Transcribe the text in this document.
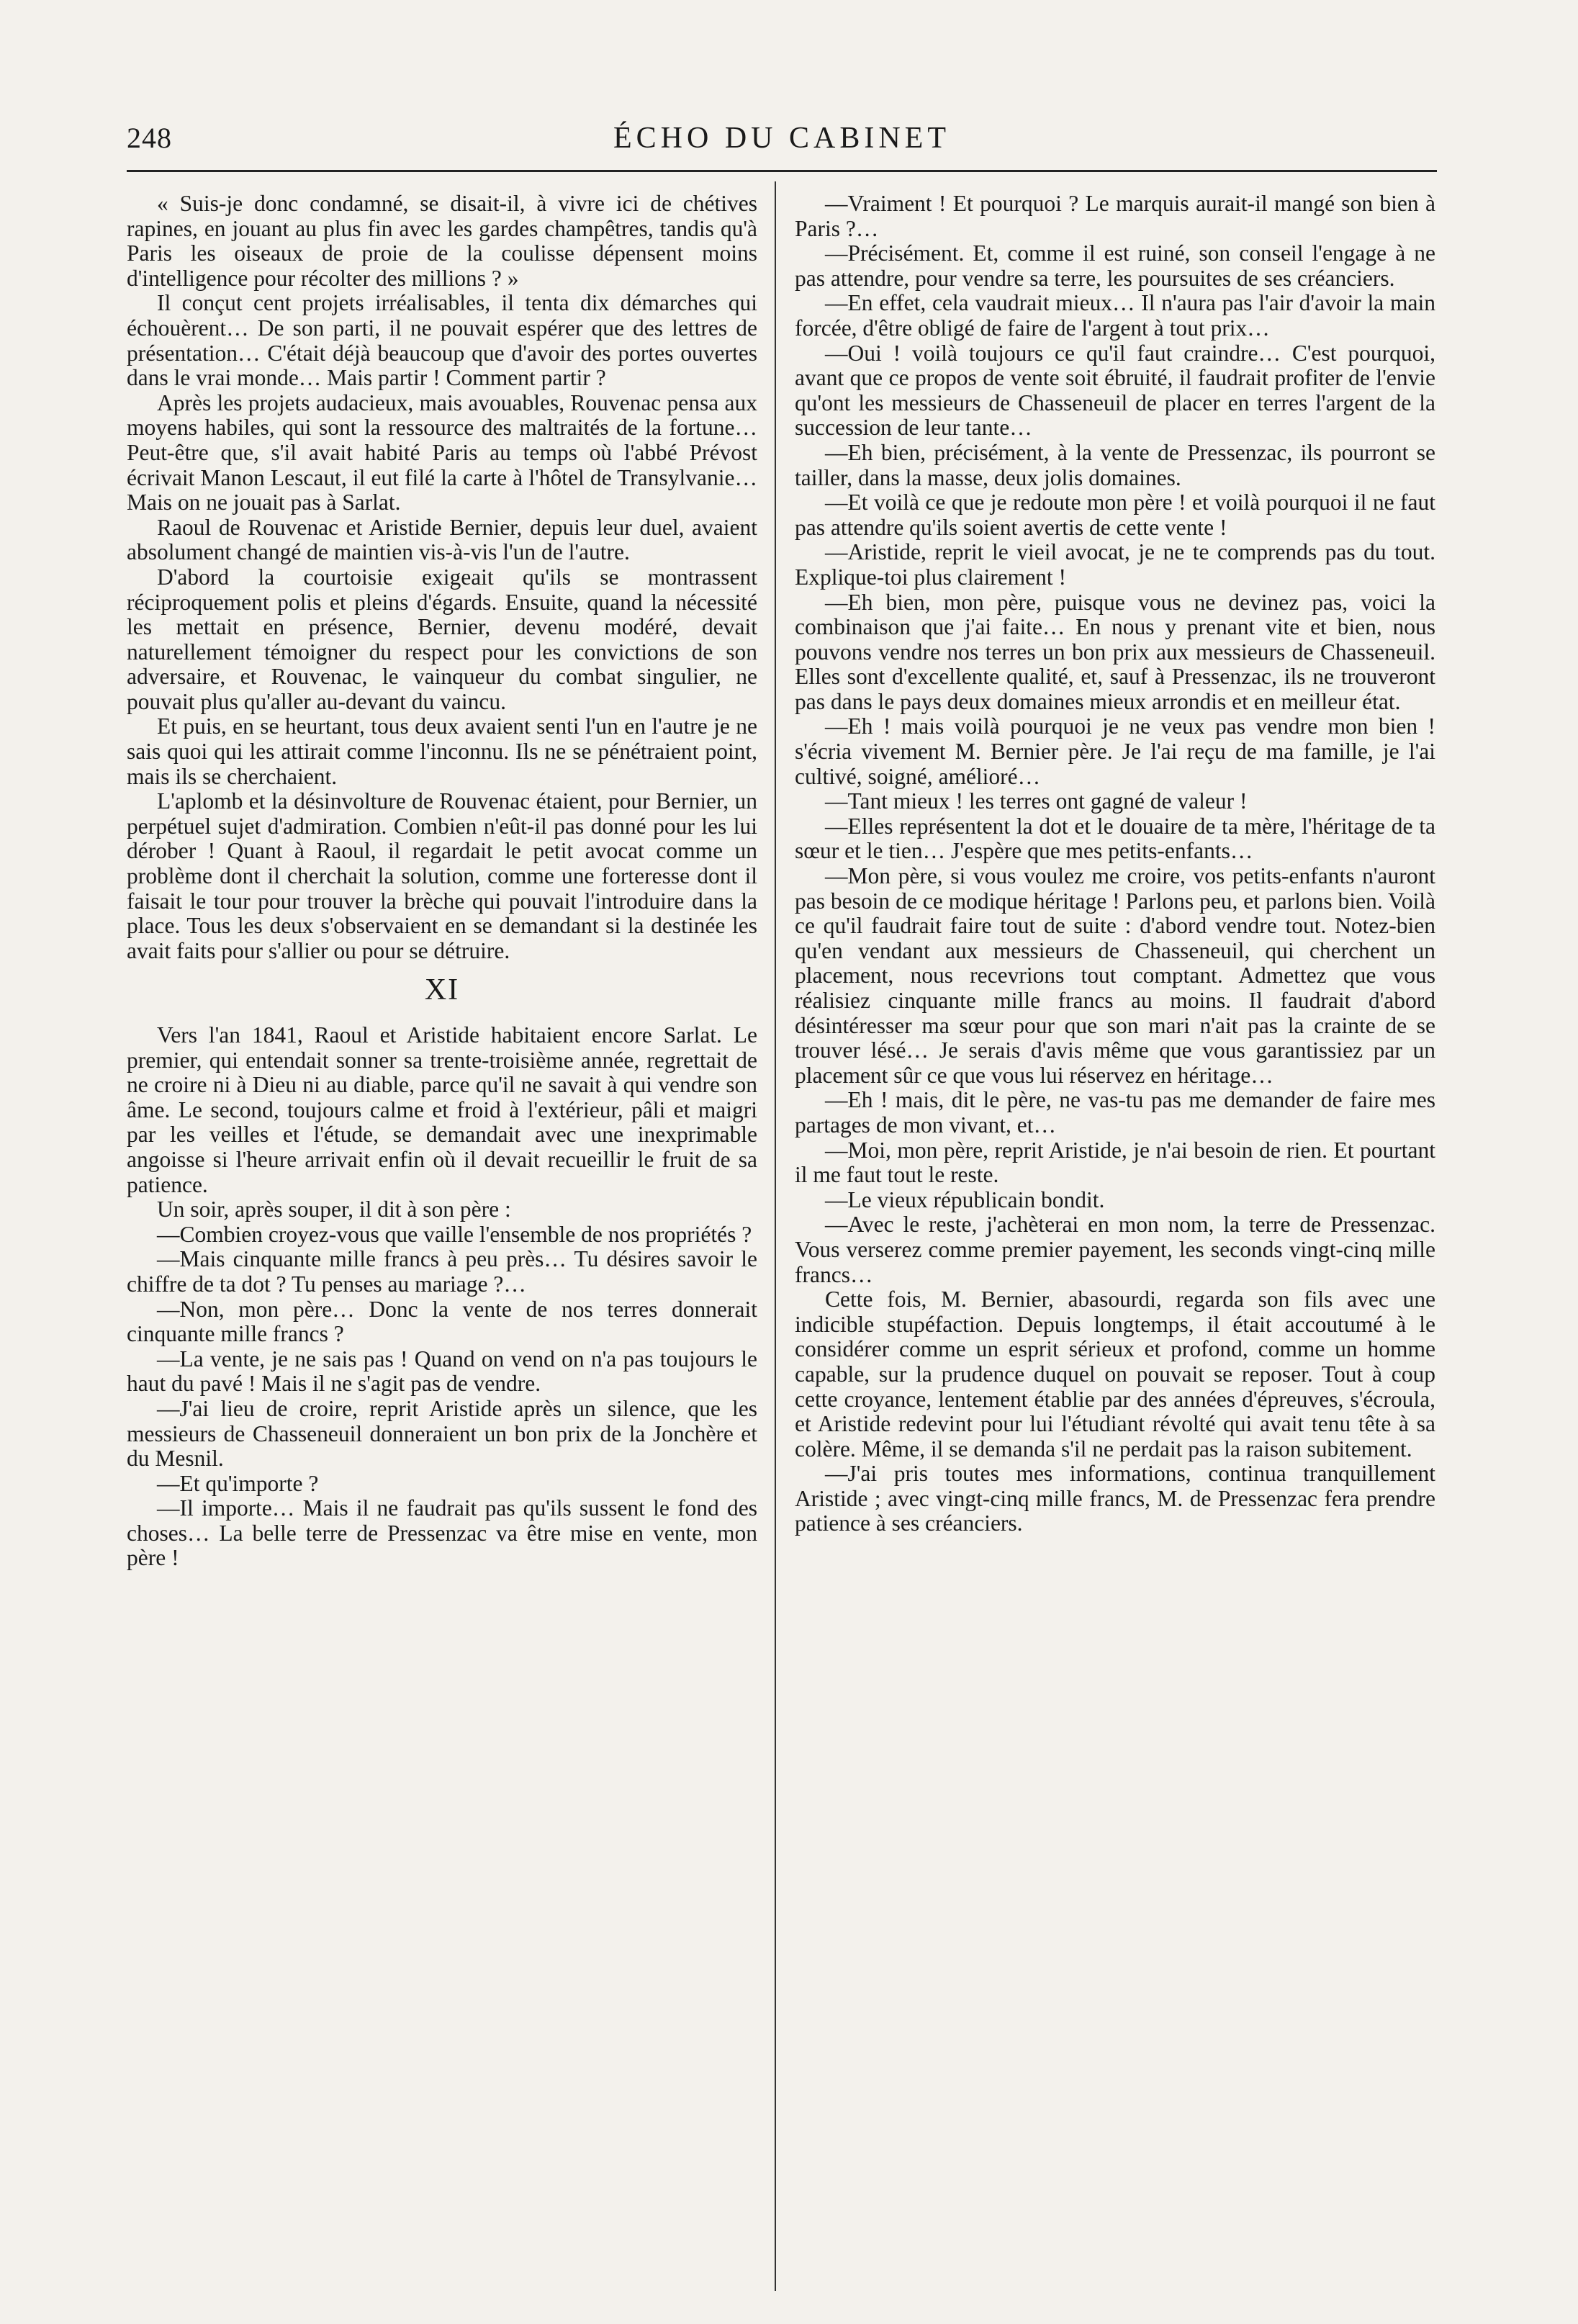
248	ÉCHO DU CABINET

« Suis-je donc condamné, se disait-il, à vivre ici de chétives rapines, en jouant au plus fin avec les gardes champêtres, tandis qu'à Paris les oiseaux de proie de la coulisse dépensent moins d'intelligence pour récolter des millions ? »

Il conçut cent projets irréalisables, il tenta dix démarches qui échouèrent… De son parti, il ne pouvait espérer que des lettres de présentation… C'était déjà beaucoup que d'avoir des portes ouvertes dans le vrai monde… Mais partir ! Comment partir ?

Après les projets audacieux, mais avouables, Rouvenac pensa aux moyens habiles, qui sont la ressource des maltraités de la fortune… Peut-être que, s'il avait habité Paris au temps où l'abbé Prévost écrivait Manon Lescaut, il eut filé la carte à l'hôtel de Transylvanie… Mais on ne jouait pas à Sarlat.

Raoul de Rouvenac et Aristide Bernier, depuis leur duel, avaient absolument changé de maintien vis-à-vis l'un de l'autre.

D'abord la courtoisie exigeait qu'ils se montrassent réciproquement polis et pleins d'égards. Ensuite, quand la nécessité les mettait en présence, Bernier, devenu modéré, devait naturellement témoigner du respect pour les convictions de son adversaire, et Rouvenac, le vainqueur du combat singulier, ne pouvait plus qu'aller au-devant du vaincu.

Et puis, en se heurtant, tous deux avaient senti l'un en l'autre je ne sais quoi qui les attirait comme l'inconnu. Ils ne se pénétraient point, mais ils se cherchaient.

L'aplomb et la désinvolture de Rouvenac étaient, pour Bernier, un perpétuel sujet d'admiration. Combien n'eût-il pas donné pour les lui dérober ! Quant à Raoul, il regardait le petit avocat comme un problème dont il cherchait la solution, comme une forteresse dont il faisait le tour pour trouver la brèche qui pouvait l'introduire dans la place. Tous les deux s'observaient en se demandant si la destinée les avait faits pour s'allier ou pour se détruire.

XI

Vers l'an 1841, Raoul et Aristide habitaient encore Sarlat. Le premier, qui entendait sonner sa trente-troisième année, regrettait de ne croire ni à Dieu ni au diable, parce qu'il ne savait à qui vendre son âme. Le second, toujours calme et froid à l'extérieur, pâli et maigri par les veilles et l'étude, se demandait avec une inexprimable angoisse si l'heure arrivait enfin où il devait recueillir le fruit de sa patience.

Un soir, après souper, il dit à son père :

—Combien croyez-vous que vaille l'ensemble de nos propriétés ?

—Mais cinquante mille francs à peu près… Tu désires savoir le chiffre de ta dot ? Tu penses au mariage ?…

—Non, mon père… Donc la vente de nos terres donnerait cinquante mille francs ?

—La vente, je ne sais pas ! Quand on vend on n'a pas toujours le haut du pavé ! Mais il ne s'agit pas de vendre.

—J'ai lieu de croire, reprit Aristide après un silence, que les messieurs de Chasseneuil donneraient un bon prix de la Jonchère et du Mesnil.

—Et qu'importe ?

—Il importe… Mais il ne faudrait pas qu'ils sussent le fond des choses… La belle terre de Pressenzac va être mise en vente, mon père !

—Vraiment ! Et pourquoi ? Le marquis aurait-il mangé son bien à Paris ?…

—Précisément. Et, comme il est ruiné, son conseil l'engage à ne pas attendre, pour vendre sa terre, les poursuites de ses créanciers.

—En effet, cela vaudrait mieux… Il n'aura pas l'air d'avoir la main forcée, d'être obligé de faire de l'argent à tout prix…

—Oui ! voilà toujours ce qu'il faut craindre… C'est pourquoi, avant que ce propos de vente soit ébruité, il faudrait profiter de l'envie qu'ont les messieurs de Chasseneuil de placer en terres l'argent de la succession de leur tante…

—Eh bien, précisément, à la vente de Pressenzac, ils pourront se tailler, dans la masse, deux jolis domaines.

—Et voilà ce que je redoute mon père ! et voilà pourquoi il ne faut pas attendre qu'ils soient avertis de cette vente !

—Aristide, reprit le vieil avocat, je ne te comprends pas du tout. Explique-toi plus clairement !

—Eh bien, mon père, puisque vous ne devinez pas, voici la combinaison que j'ai faite… En nous y prenant vite et bien, nous pouvons vendre nos terres un bon prix aux messieurs de Chasseneuil. Elles sont d'excellente qualité, et, sauf à Pressenzac, ils ne trouveront pas dans le pays deux domaines mieux arrondis et en meilleur état.

—Eh ! mais voilà pourquoi je ne veux pas vendre mon bien ! s'écria vivement M. Bernier père. Je l'ai reçu de ma famille, je l'ai cultivé, soigné, amélioré…

—Tant mieux ! les terres ont gagné de valeur !

—Elles représentent la dot et le douaire de ta mère, l'héritage de ta sœur et le tien… J'espère que mes petits-enfants…

—Mon père, si vous voulez me croire, vos petits-enfants n'auront pas besoin de ce modique héritage ! Parlons peu, et parlons bien. Voilà ce qu'il faudrait faire tout de suite : d'abord vendre tout. Notez-bien qu'en vendant aux messieurs de Chasseneuil, qui cherchent un placement, nous recevrions tout comptant. Admettez que vous réalisiez cinquante mille francs au moins. Il faudrait d'abord désintéresser ma sœur pour que son mari n'ait pas la crainte de se trouver lésé… Je serais d'avis même que vous garantissiez par un placement sûr ce que vous lui réservez en héritage…

—Eh ! mais, dit le père, ne vas-tu pas me demander de faire mes partages de mon vivant, et…

—Moi, mon père, reprit Aristide, je n'ai besoin de rien. Et pourtant il me faut tout le reste.

—Le vieux républicain bondit.

—Avec le reste, j'achèterai en mon nom, la terre de Pressenzac. Vous verserez comme premier payement, les seconds vingt-cinq mille francs…

Cette fois, M. Bernier, abasourdi, regarda son fils avec une indicible stupéfaction. Depuis longtemps, il était accoutumé à le considérer comme un esprit sérieux et profond, comme un homme capable, sur la prudence duquel on pouvait se reposer. Tout à coup cette croyance, lentement établie par des années d'épreuves, s'écroula, et Aristide redevint pour lui l'étudiant révolté qui avait tenu tête à sa colère. Même, il se demanda s'il ne perdait pas la raison subitement.

—J'ai pris toutes mes informations, continua tranquillement Aristide ; avec vingt-cinq mille francs, M. de Pressenzac fera prendre patience à ses créanciers.
